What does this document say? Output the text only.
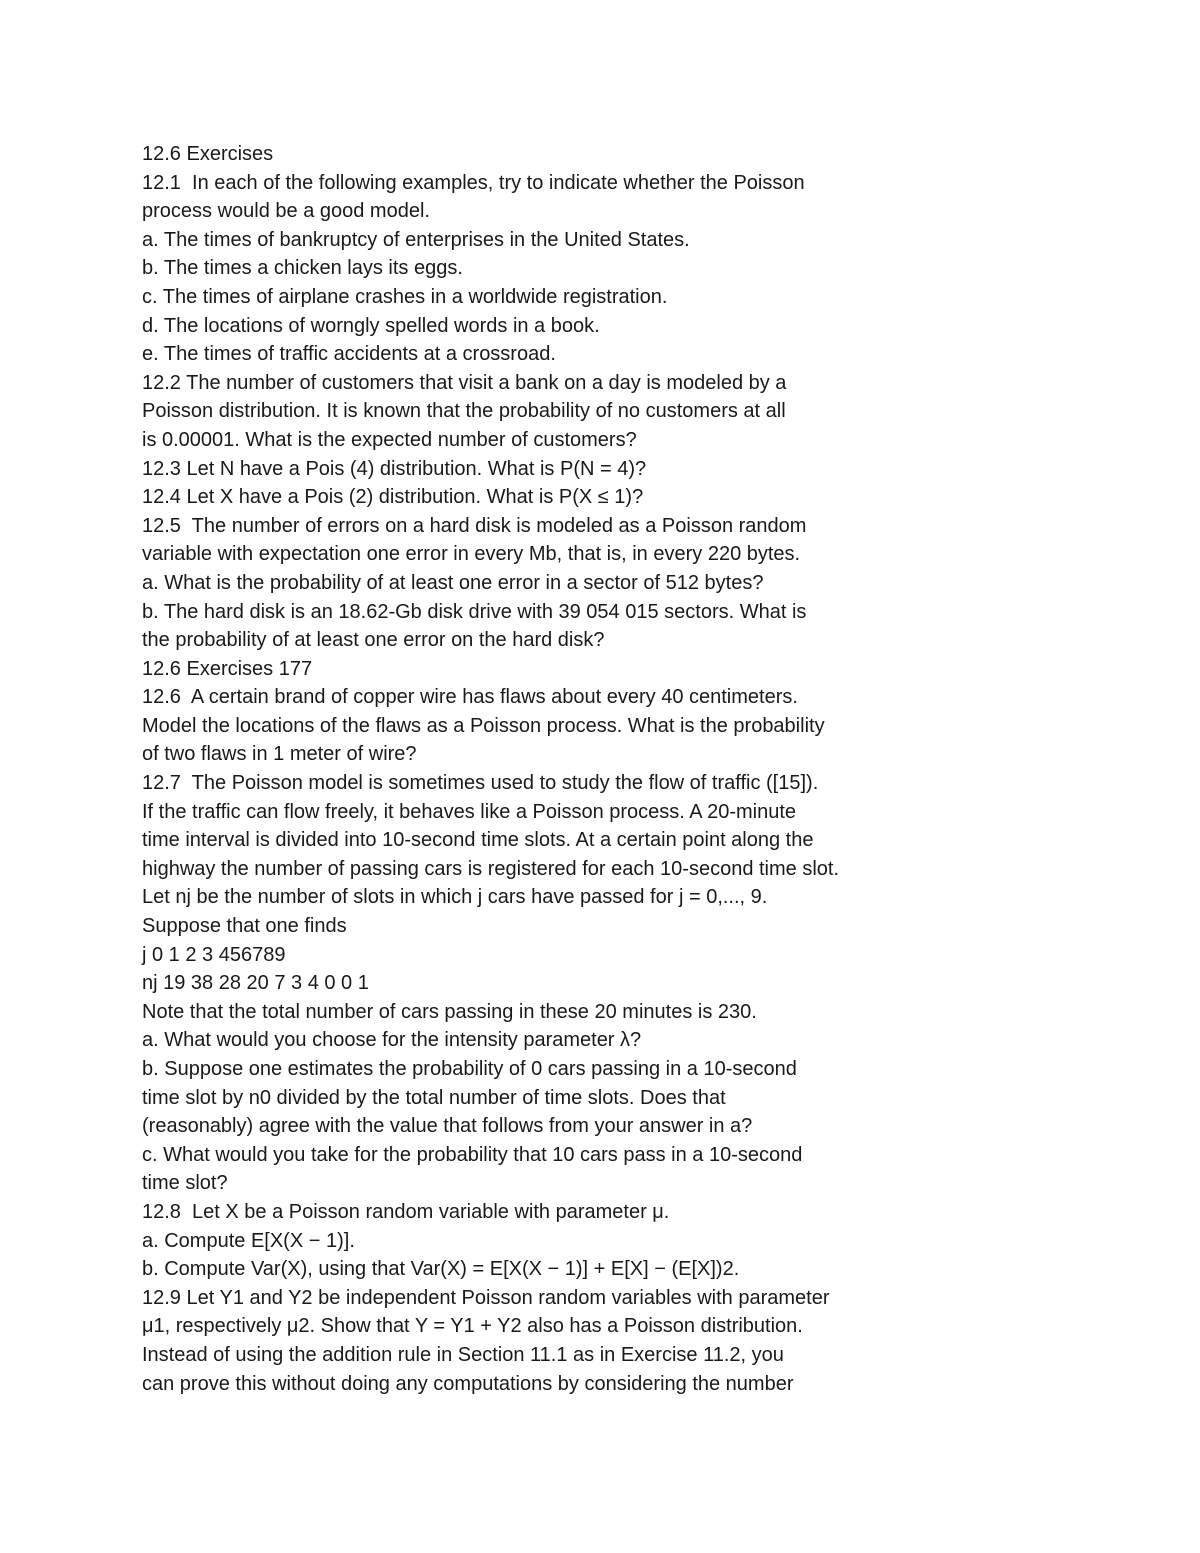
12.6 Exercises
12.1  In each of the following examples, try to indicate whether the Poisson
process would be a good model.
a. The times of bankruptcy of enterprises in the United States.
b. The times a chicken lays its eggs.
c. The times of airplane crashes in a worldwide registration.
d. The locations of worngly spelled words in a book.
e. The times of traffic accidents at a crossroad.
12.2 The number of customers that visit a bank on a day is modeled by a
Poisson distribution. It is known that the probability of no customers at all
is 0.00001. What is the expected number of customers?
12.3 Let N have a Pois (4) distribution. What is P(N = 4)?
12.4 Let X have a Pois (2) distribution. What is P(X ≤ 1)?
12.5  The number of errors on a hard disk is modeled as a Poisson random
variable with expectation one error in every Mb, that is, in every 220 bytes.
a. What is the probability of at least one error in a sector of 512 bytes?
b. The hard disk is an 18.62-Gb disk drive with 39 054 015 sectors. What is
the probability of at least one error on the hard disk?
12.6 Exercises 177
12.6  A certain brand of copper wire has flaws about every 40 centimeters.
Model the locations of the flaws as a Poisson process. What is the probability
of two flaws in 1 meter of wire?
12.7  The Poisson model is sometimes used to study the flow of traffic ([15]).
If the traffic can flow freely, it behaves like a Poisson process. A 20-minute
time interval is divided into 10-second time slots. At a certain point along the
highway the number of passing cars is registered for each 10-second time slot.
Let nj be the number of slots in which j cars have passed for j = 0,..., 9.
Suppose that one finds
j 0 1 2 3 456789
nj 19 38 28 20 7 3 4 0 0 1
Note that the total number of cars passing in these 20 minutes is 230.
a. What would you choose for the intensity parameter λ?
b. Suppose one estimates the probability of 0 cars passing in a 10-second
time slot by n0 divided by the total number of time slots. Does that
(reasonably) agree with the value that follows from your answer in a?
c. What would you take for the probability that 10 cars pass in a 10-second
time slot?
12.8  Let X be a Poisson random variable with parameter μ.
a. Compute E[X(X − 1)].
b. Compute Var(X), using that Var(X) = E[X(X − 1)] + E[X] − (E[X])2.
12.9 Let Y1 and Y2 be independent Poisson random variables with parameter
μ1, respectively μ2. Show that Y = Y1 + Y2 also has a Poisson distribution.
Instead of using the addition rule in Section 11.1 as in Exercise 11.2, you
can prove this without doing any computations by considering the number
